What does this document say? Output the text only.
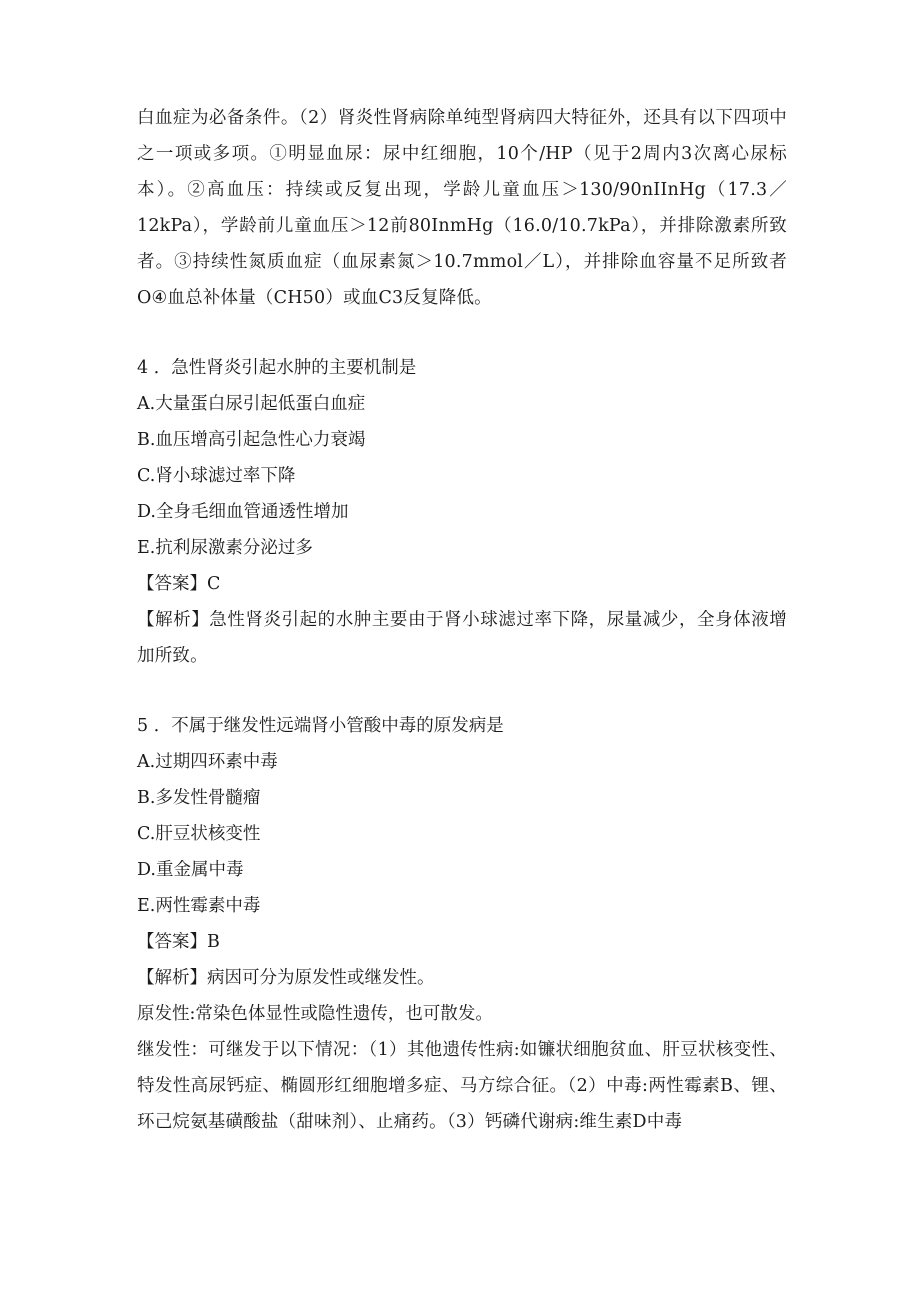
白血症为必备条件。（2）肾炎性肾病除单纯型肾病四大特征外，还具有以下四项中之一项或多项。①明显血尿：尿中红细胞，10个/HP（见于2周内3次离心尿标本）。②高血压：持续或反复出现，学龄儿童血压＞130/90nIInHg（17.3／12kPa），学龄前儿童血压＞12前80InmHg（16.0/10.7kPa），并排除激素所致者。③持续性氮质血症（血尿素氮＞10.7mmol／L），并排除血容量不足所致者O④血总补体量（CH50）或血C3反复降低。

4 ．急性肾炎引起水肿的主要机制是

A.大量蛋白尿引起低蛋白血症

B.血压增高引起急性心力衰竭

C.肾小球滤过率下降

D.全身毛细血管通透性增加

E.抗利尿激素分泌过多

【答案】C

【解析】急性肾炎引起的水肿主要由于肾小球滤过率下降，尿量减少，全身体液增加所致。

5 ．不属于继发性远端肾小管酸中毒的原发病是

A.过期四环素中毒

B.多发性骨髓瘤

C.肝豆状核变性

D.重金属中毒

E.两性霉素中毒

【答案】B

【解析】病因可分为原发性或继发性。

原发性:常染色体显性或隐性遗传，也可散发。

继发性：可继发于以下情况：（1）其他遗传性病:如镰状细胞贫血、肝豆状核变性、特发性高尿钙症、椭圆形红细胞增多症、马方综合征。（2）中毒:两性霉素B、锂、环己烷氨基磺酸盐（甜味剂）、止痛药。（3）钙磷代谢病:维生素D中毒
